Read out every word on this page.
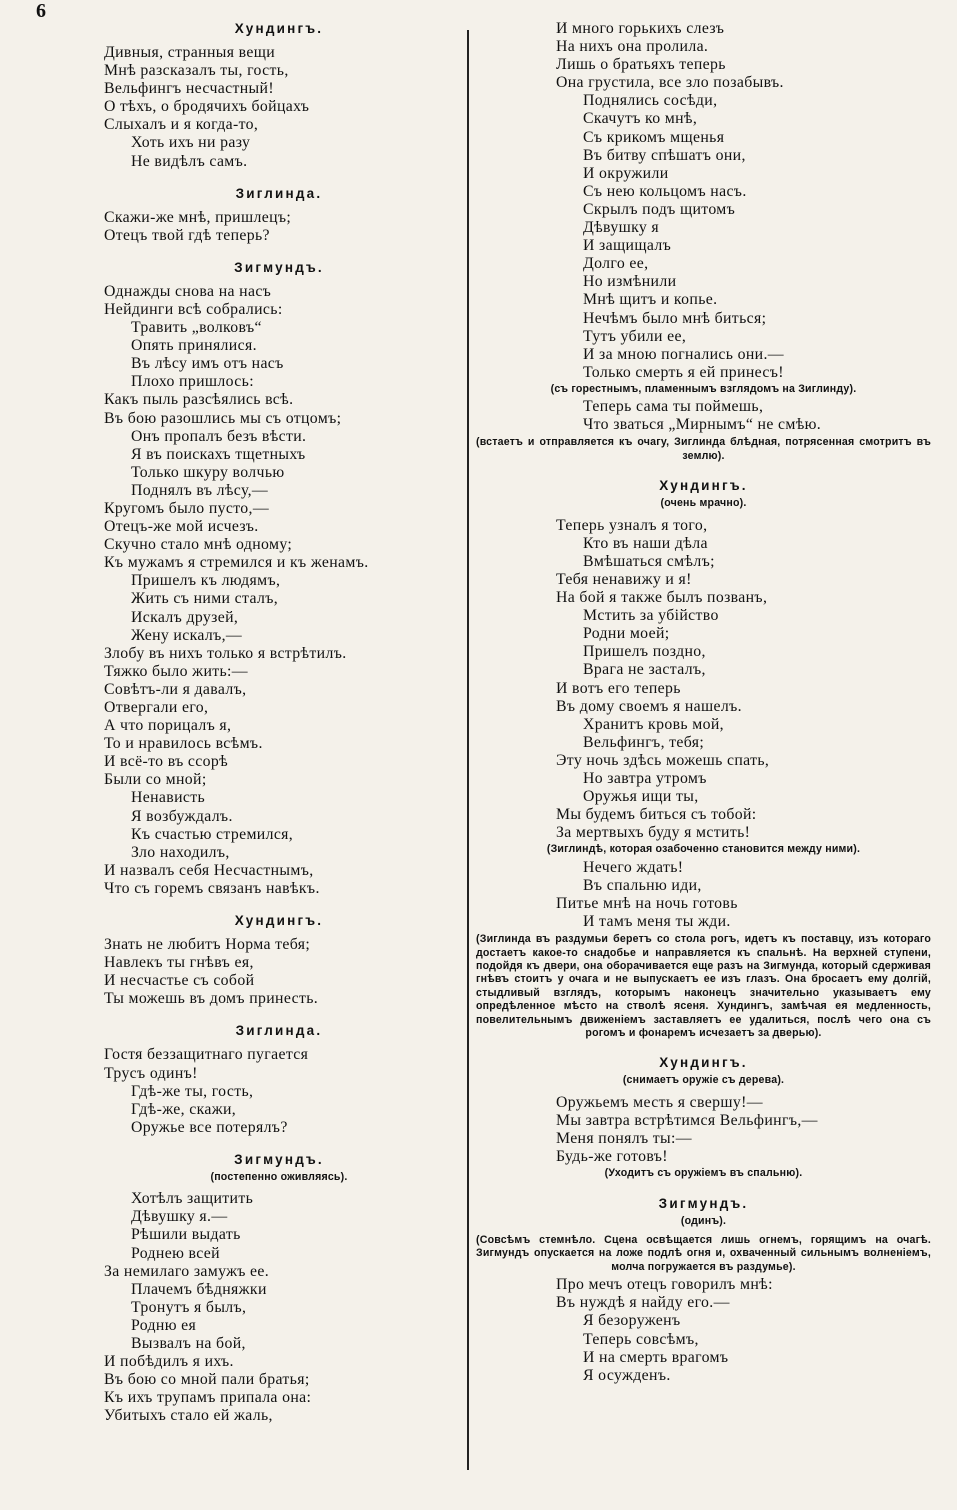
6
Хундингъ.
Дивныя, странныя вещи
Мнѣ разсказалъ ты, гость,
Вельфингъ несчастный!
О тѣхъ, о бродячихъ бойцахъ
Слыхалъ и я когда-то,
Хоть ихъ ни разу
Не видѣлъ самъ.
Зиглинда.
Скажи-же мнѣ, пришлецъ;
Отецъ твой гдѣ теперь?
Зигмундъ.
Однажды снова на насъ
Нейдинги всѣ собрались:
Травить „волковъ“
Опять принялися.
Въ лѣсу имъ отъ насъ
Плохо пришлось:
Какъ пыль разсѣялись всѣ.
Въ бою разошлись мы съ отцомъ;
Онъ пропалъ безъ вѣсти.
Я въ поискахъ тщетныхъ
Только шкуру волчью
Поднялъ въ лѣсу,—
Кругомъ было пусто,—
Отецъ-же мой исчезъ.
Скучно стало мнѣ одному;
Къ мужамъ я стремился и къ женамъ.
Пришелъ къ людямъ,
Жить съ ними сталъ,
Искалъ друзей,
Жену искалъ,—
Злобу въ нихъ только я встрѣтилъ.
Тяжко было жить:—
Совѣтъ-ли я давалъ,
Отвергали его,
А что порицалъ я,
То и нравилось всѣмъ.
И всё-то въ ссорѣ
Были со мной;
Ненависть
Я возбуждалъ.
Къ счастью стремился,
Зло находилъ,
И назвалъ себя Несчастнымъ,
Что съ горемъ связанъ навѣкъ.
Хундингъ.
Знать не любитъ Норма тебя;
Навлекъ ты гнѣвъ ея,
И несчастье съ собой
Ты можешь въ домъ принесть.
Зиглинда.
Гостя беззащитнаго пугается
Трусъ одинъ!
Гдѣ-же ты, гость,
Гдѣ-же, скажи,
Оружье все потерялъ?
Зигмундъ.
(постепенно оживляясь).
Хотѣлъ защитить
Дѣвушку я.—
Рѣшили выдать
Роднею всей
За немилаго замужъ ее.
Плачемъ бѣдняжки
Тронутъ я былъ,
Родню ея
Вызвалъ на бой,
И побѣдилъ я ихъ.
Въ бою со мной пали братья;
Къ ихъ трупамъ припала она:
Убитыхъ стало ей жаль,
И много горькихъ слезъ
На нихъ она пролила.
Лишь о братьяхъ теперь
Она грустила, все зло позабывъ.
Поднялись сосѣди,
Скачутъ ко мнѣ,
Съ крикомъ мщенья
Въ битву спѣшатъ они,
И окружили
Съ нею кольцомъ насъ.
Скрылъ подъ щитомъ
Дѣвушку я
И защищалъ
Долго ее,
Но измѣнили
Мнѣ щитъ и копье.
Нечѣмъ было мнѣ биться;
Тутъ убили ее,
И за мною погнались они.—
Только смерть я ей принесъ!
(съ горестнымъ, пламеннымъ взглядомъ на Зиглинду).
Теперь сама ты поймешь,
Что зваться „Мирнымъ“ не смѣю.
(встаетъ и отправляется къ очагу, Зиглинда блѣдная, потрясенная смотритъ въ землю).
Хундингъ.
(очень мрачно).
Теперь узналъ я того,
Кто въ наши дѣла
Вмѣшаться смѣлъ;
Тебя ненавижу и я!
На бой я также былъ позванъ,
Мстить за убійство
Родни моей;
Пришелъ поздно,
Врага не засталъ,
И вотъ его теперь
Въ дому своемъ я нашелъ.
Хранитъ кровь мой,
Вельфингъ, тебя;
Эту ночь здѣсь можешь спать,
Но завтра утромъ
Оружья ищи ты,
Мы будемъ биться съ тобой:
За мертвыхъ буду я мстить!
(Зиглиндѣ, которая озабоченно становится между ними).
Нечего ждать!
Въ спальню иди,
Питье мнѣ на ночь готовь
И тамъ меня ты жди.
(Зиглинда въ раздумьи беретъ со стола рогъ, идетъ къ поставцу, изъ котораго достаетъ какое-то снадобье и направляется къ спальнѣ. На верхней ступени, подойдя къ двери, она оборачивается еще разъ на Зигмунда, который сдерживая гнѣвъ стоитъ у очага и не выпускаетъ ее изъ глазъ. Она бросаетъ ему долгій, стыдливый взглядъ, которымъ наконецъ значительно указываетъ ему опредѣленное мѣсто на стволѣ ясеня. Хундингъ, замѣчая ея медленность, повелительнымъ движеніемъ заставляетъ ее удалиться, послѣ чего она съ рогомъ и фонаремъ исчезаетъ за дверью).
Хундингъ.
(снимаетъ оружіе съ дерева).
Оружьемъ месть я свершу!—
Мы завтра встрѣтимся Вельфингъ,—
Меня понялъ ты:—
Будь-же готовъ!
(Уходитъ съ оружіемъ въ спальню).
Зигмундъ.
(одинъ).
(Совсѣмъ стемнѣло. Сцена освѣщается лишь огнемъ, горящимъ на очагѣ. Зигмундъ опускается на ложе подлѣ огня и, охваченный сильнымъ волненіемъ, молча погружается въ раздумье).
Про мечъ отецъ говорилъ мнѣ:
Въ нуждѣ я найду его.—
Я безоруженъ
Теперь совсѣмъ,
И на смерть врагомъ
Я осужденъ.
